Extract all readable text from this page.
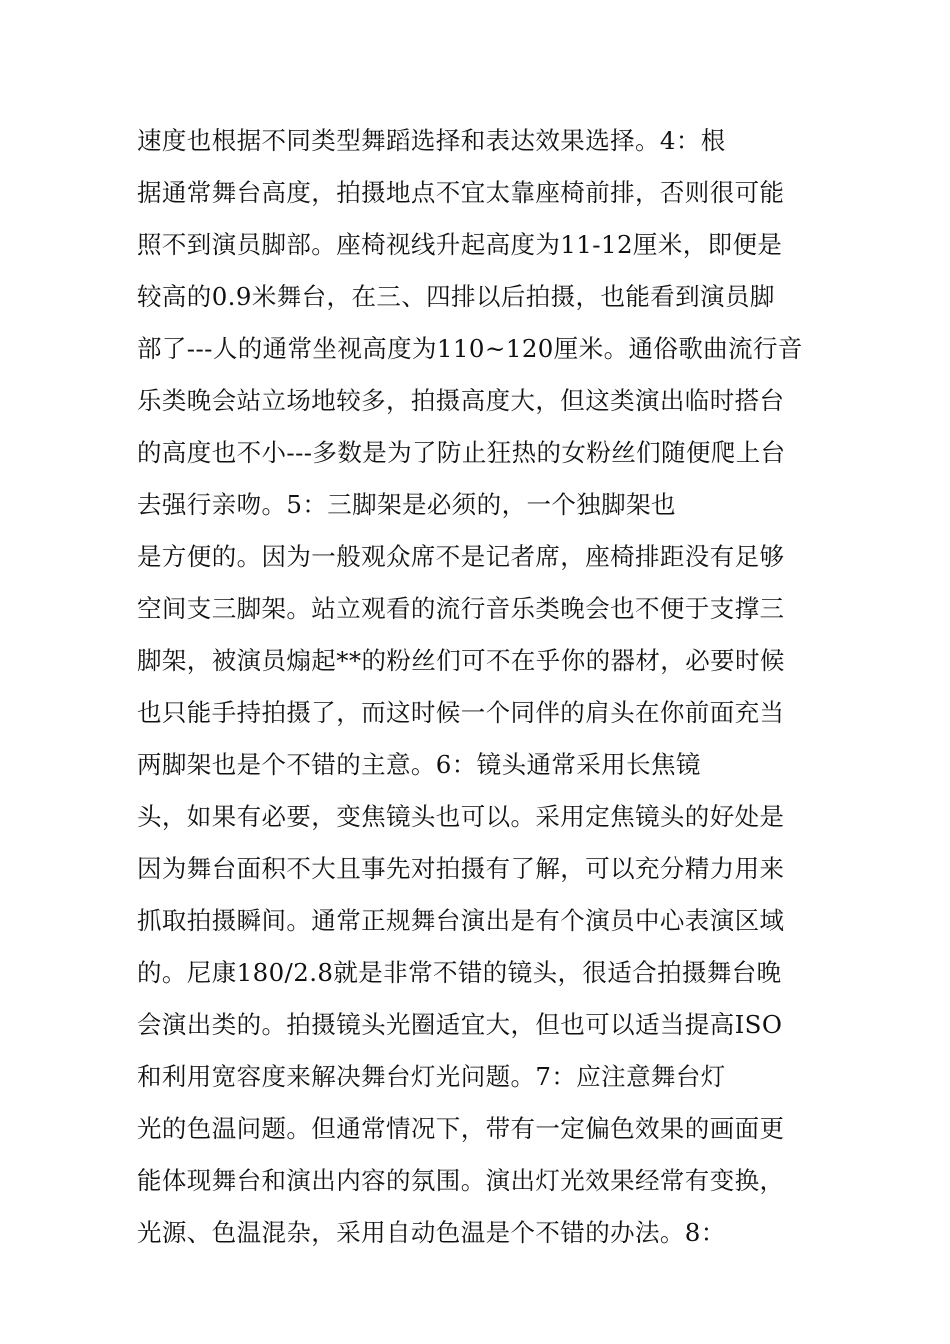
速度也根据不同类型舞蹈选择和表达效果选择。4：根
据通常舞台高度，拍摄地点不宜太靠座椅前排，否则很可能
照不到演员脚部。座椅视线升起高度为11-12厘米，即便是
较高的0.9米舞台，在三、四排以后拍摄，也能看到演员脚
部了---人的通常坐视高度为110~120厘米。通俗歌曲流行音
乐类晚会站立场地较多，拍摄高度大，但这类演出临时搭台
的高度也不小---多数是为了防止狂热的女粉丝们随便爬上台
去强行亲吻。5：三脚架是必须的，一个独脚架也
是方便的。因为一般观众席不是记者席，座椅排距没有足够
空间支三脚架。站立观看的流行音乐类晚会也不便于支撑三
脚架，被演员煽起**的粉丝们可不在乎你的器材，必要时候
也只能手持拍摄了，而这时候一个同伴的肩头在你前面充当
两脚架也是个不错的主意。6：镜头通常采用长焦镜
头，如果有必要，变焦镜头也可以。采用定焦镜头的好处是
因为舞台面积不大且事先对拍摄有了解，可以充分精力用来
抓取拍摄瞬间。通常正规舞台演出是有个演员中心表演区域
的。尼康180/2.8就是非常不错的镜头，很适合拍摄舞台晚
会演出类的。拍摄镜头光圈适宜大，但也可以适当提高ISO
和利用宽容度来解决舞台灯光问题。7：应注意舞台灯
光的色温问题。但通常情况下，带有一定偏色效果的画面更
能体现舞台和演出内容的氛围。演出灯光效果经常有变换，
光源、色温混杂，采用自动色温是个不错的办法。8：
